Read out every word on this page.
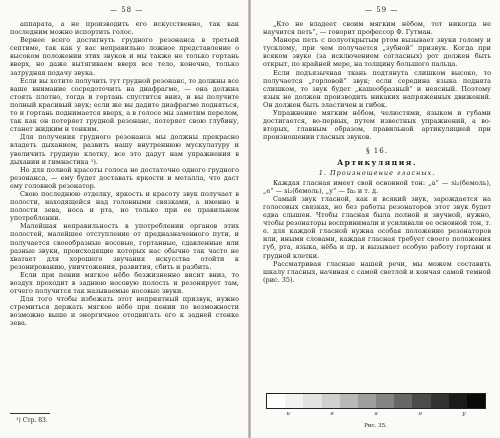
— 58 —

аппарата, а не производить его искусственно, так как последним можно испортить голос.

Вернее всего достигнуть грудного резонанса в третьей септиме, так как у вас неправильно ложное представление о высоком положении этих звуков и мы также не только гортань вверх, но даже вытягиваем вверх все тело, конечно, только затрудняя подачу звука.

Если вы хотите получить тут грудной резонанс, то должны все ваше внимание сосредоточить на диафрагме, — она должна стоять плотно, тогда и гортань спустится вниз, и вы получите полный красивый звук; если же вы дадите диафрагме подняться, то и гортань поднимается вверх, а в голосе мы заметим перелом, так как он потеряет грудной резонанс, потеряет свою глубину, станет жидким и тонким.

Для получения грудного резонанса мы должны прекрасно владеть дыханием, развить нашу внутреннюю мускулатуру и увеличить грудную клетку, все это дадут нам упражнения в дыхании и гимнастика ¹).

Но для полной красоты голоса не достаточно одного грудного резонанса, — ему будет доставать яркости и металла, что даст ему головной резонатор.

Свою последнюю отделку, яркость и красоту звук получает в полости, находящейся над головными связками, а именно в полости зева, носа и рта, но только при ее правильном употреблении.

Малейшая неправильность в употреблении органов этих полостей, малейшее отступление от предназначенного пути, и получается своеобразные носовые, гортанные, сдавленные или разные звуки, происходящие которых нас обычно так часто не хватает для хорошего звучания искусства отойти к резонированию, уничтожения, развития, сбить и разбить.

Если при пении мягкое нёбо безжизненно висит вниз, то воздух проходит в заднюю носовую полость и резонирует там, отчего получится так называемые носовые звуки.

Для того чтобы избежать этот неприятный призвук, нужно стремиться держать мягкое нёбо при пении по возможности возможно выше и энергичнее отодвигать его к задней стенке зева.

¹) Стр. 83.
— 59 —

„Кто не владеет своим мягким нёбом, тот никогда не научится петь“, — говорит профессор Ф. Гутман.

Манера петь с полуоткрытым ртом вызывает звуки голому и тусклому, при чем получается „зубной“ призвук. Когда при всяком звуке (за исключением согласных) рот должен быть открыт, по крайней мере, на толщину большого пальца.

Если подъязычная ткань подтянута слишком высоко, то получается „горловой“ звук; если середина языка поднята слишком, то звук будет „кашеобразный“ и неясный. Поэтому язык не должен производить никаких напряженных движений. Он должен быть эластичен и гибок.

Упражнение мягким нёбом, челюстями, языком и губами достигается, во-первых, путем известных упражнений, а во-вторых, главным образом, правильной артикуляцией при произношении гласных звуков.

§ 16.
Артикуляция.
1. Произношение гласных.

Каждая гласная имеет свой основной тон: „а“ — si₂(бемоль), „е“ — si₂(бемоль), „у“ — fa₂ и т. д.

Самый звук гласной, как и всякий звук, зарождается на голосовых связках, но без работы резонаторов этот звук будет едва слышен. Чтобы гласная была полной и звучной, нужно, чтобы резонаторы воспринимали и усиливали ее основной тон, т. е. для каждой гласной нужна особая положение резонаторов или, иными словами, каждая гласная требует своего положения губ, рта, языка, нёба и пр. и вызывает особую работу гортани и грудной клетки.

Рассматривая гласные нашей речи, мы можем составить шкалу гласных, начиная с самой светлой и кончая самой темной (рис. 35).

и	е	а	о	у
Рис. 35.
